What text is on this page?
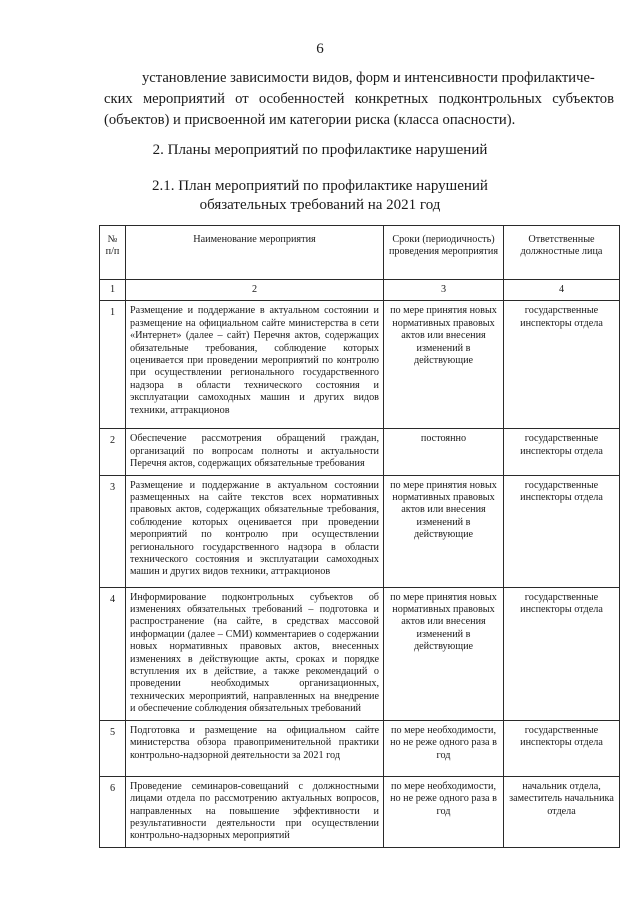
6
установление зависимости видов, форм и интенсивности профилактиче-
ских мероприятий от особенностей конкретных подконтрольных субъектов (объектов) и присвоенной им категории риска (класса опасности).
2. Планы мероприятий по профилактике нарушений
2.1. План мероприятий по профилактике нарушений
обязательных требований на 2021 год
№ п/п	Наименование мероприятия	Сроки (периодичность) проведения мероприятия	Ответственные должностные лица
1	2	3	4
1	Размещение и поддержание в актуальном состоянии и размещение на официальном сайте министерства в сети «Интернет» (далее – сайт) Перечня актов, содержащих обязательные требования, соблюдение которых оценивается при проведении мероприятий по контролю при осуществлении регионального государственного надзора в области технического состояния и эксплуатации самоходных машин и других видов техники, аттракционов	по мере принятия новых нормативных правовых актов или внесения изменений в действующие	государственные инспекторы отдела
2	Обеспечение рассмотрения обращений граждан, организаций по вопросам полноты и актуальности Перечня актов, содержащих обязательные требования	постоянно	государственные инспекторы отдела
3	Размещение и поддержание в актуальном состоянии размещенных на сайте текстов всех нормативных правовых актов, содержащих обязательные требования, соблюдение которых оценивается при проведении мероприятий по контролю при осуществлении регионального государственного надзора в области технического состояния и эксплуатации самоходных машин и других видов техники, аттракционов	по мере принятия новых нормативных правовых актов или внесения изменений в действующие	государственные инспекторы отдела
4	Информирование подконтрольных субъектов об изменениях обязательных требований – подготовка и распространение (на сайте, в средствах массовой информации (далее – СМИ) комментариев о содержании новых нормативных правовых актов, внесенных изменениях в действующие акты, сроках и порядке вступления их в действие, а также рекомендаций о проведении необходимых организационных, технических мероприятий, направленных на внедрение и обеспечение соблюдения обязательных требований	по мере принятия новых нормативных правовых актов или внесения изменений в действующие	государственные инспекторы отдела
5	Подготовка и размещение на официальном сайте министерства обзора правоприменительной практики контрольно-надзорной деятельности за 2021 год	по мере необходимости, но не реже одного раза в год	государственные инспекторы отдела
6	Проведение семинаров-совещаний с должностными лицами отдела по рассмотрению актуальных вопросов, направленных на повышение эффективности и результативности деятельности при осуществлении контрольно-надзорных мероприятий	по мере необходимости, но не реже одного раза в год	начальник отдела, заместитель начальника отдела
